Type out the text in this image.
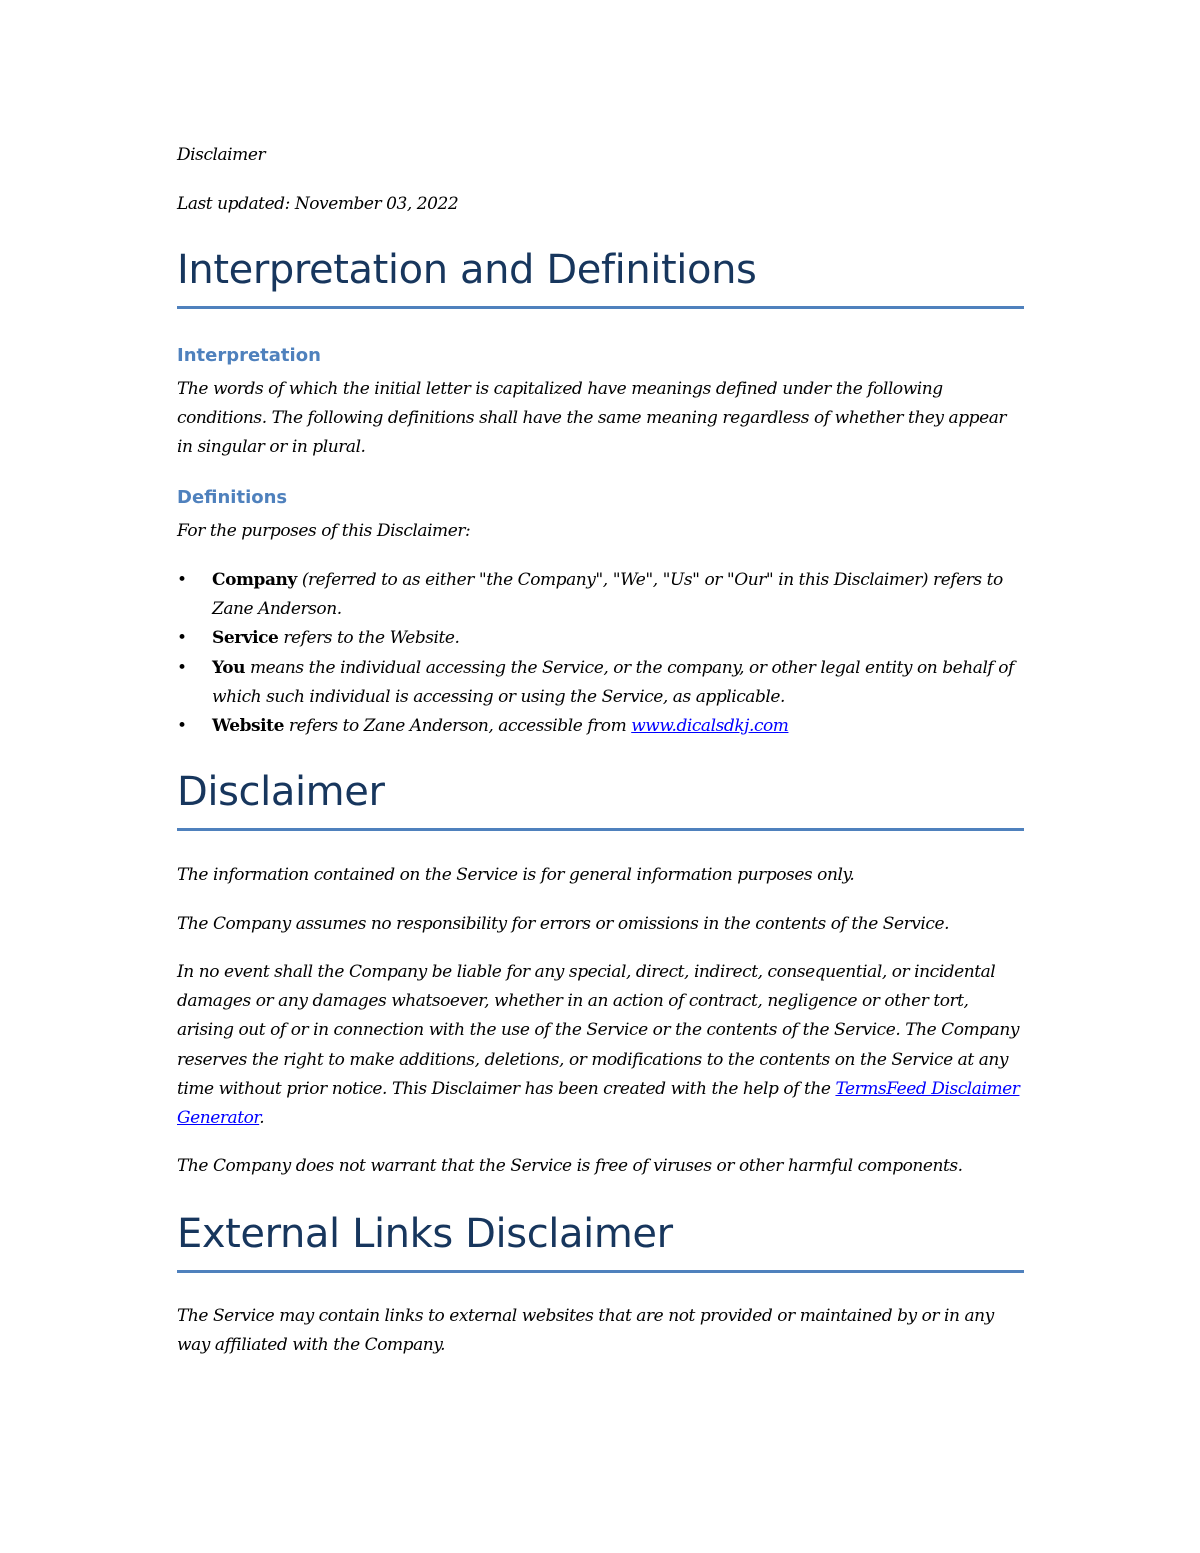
Disclaimer
Last updated: November 03, 2022
Interpretation and Definitions
Interpretation
The words of which the initial letter is capitalized have meanings defined under the following conditions. The following definitions shall have the same meaning regardless of whether they appear in singular or in plural.
Definitions
For the purposes of this Disclaimer:
• Company (referred to as either "the Company", "We", "Us" or "Our" in this Disclaimer) refers to Zane Anderson.
• Service refers to the Website.
• You means the individual accessing the Service, or the company, or other legal entity on behalf of which such individual is accessing or using the Service, as applicable.
• Website refers to Zane Anderson, accessible from www.dicalsdkj.com
Disclaimer
The information contained on the Service is for general information purposes only.
The Company assumes no responsibility for errors or omissions in the contents of the Service.
In no event shall the Company be liable for any special, direct, indirect, consequential, or incidental damages or any damages whatsoever, whether in an action of contract, negligence or other tort, arising out of or in connection with the use of the Service or the contents of the Service. The Company reserves the right to make additions, deletions, or modifications to the contents on the Service at any time without prior notice. This Disclaimer has been created with the help of the TermsFeed Disclaimer Generator.
The Company does not warrant that the Service is free of viruses or other harmful components.
External Links Disclaimer
The Service may contain links to external websites that are not provided or maintained by or in any way affiliated with the Company.
